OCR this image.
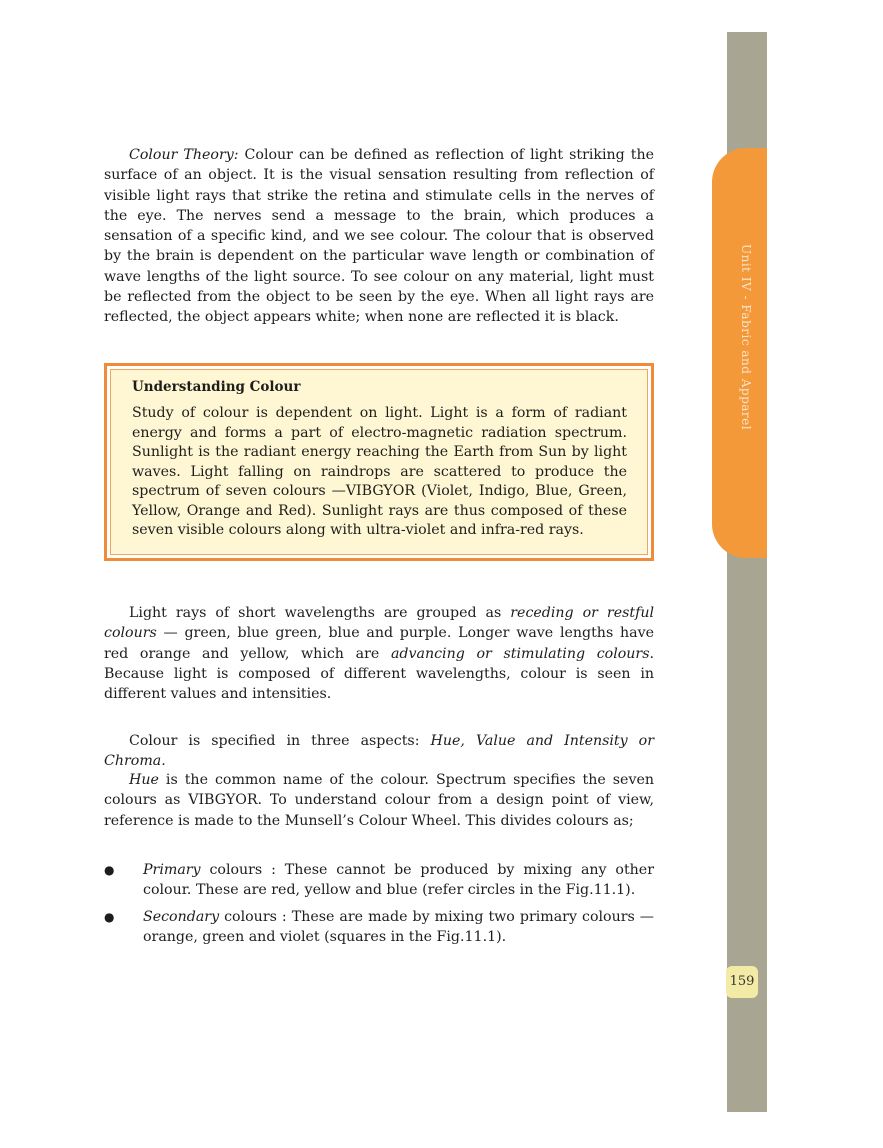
Unit IV - Fabric and Apparel
159

Colour Theory: Colour can be defined as reflection of light striking the surface of an object. It is the visual sensation resulting from reflection of visible light rays that strike the retina and stimulate cells in the nerves of the eye. The nerves send a message to the brain, which produces a sensation of a specific kind, and we see colour. The colour that is observed by the brain is dependent on the particular wave length or combination of wave lengths of the light source. To see colour on any material, light must be reflected from the object to be seen by the eye. When all light rays are reflected, the object appears white; when none are reflected it is black.

Understanding Colour

Study of colour is dependent on light. Light is a form of radiant energy and forms a part of electro-magnetic radiation spectrum. Sunlight is the radiant energy reaching the Earth from Sun by light waves. Light falling on raindrops are scattered to produce the spectrum of seven colours —VIBGYOR (Violet, Indigo, Blue, Green, Yellow, Orange and Red). Sunlight rays are thus composed of these seven visible colours along with ultra-violet and infra-red rays.

Light rays of short wavelengths are grouped as receding or restful colours — green, blue green, blue and purple. Longer wave lengths have red orange and yellow, which are advancing or stimulating colours. Because light is composed of different wavelengths, colour is seen in different values and intensities.

Colour is specified in three aspects: Hue, Value and Intensity or Chroma.

Hue is the common name of the colour. Spectrum specifies the seven colours as VIBGYOR. To understand colour from a design point of view, reference is made to the Munsell’s Colour Wheel. This divides colours as;

● Primary colours : These cannot be produced by mixing any other colour. These are red, yellow and blue (refer circles in the Fig.11.1).
● Secondary colours : These are made by mixing two primary colours — orange, green and violet (squares in the Fig.11.1).
